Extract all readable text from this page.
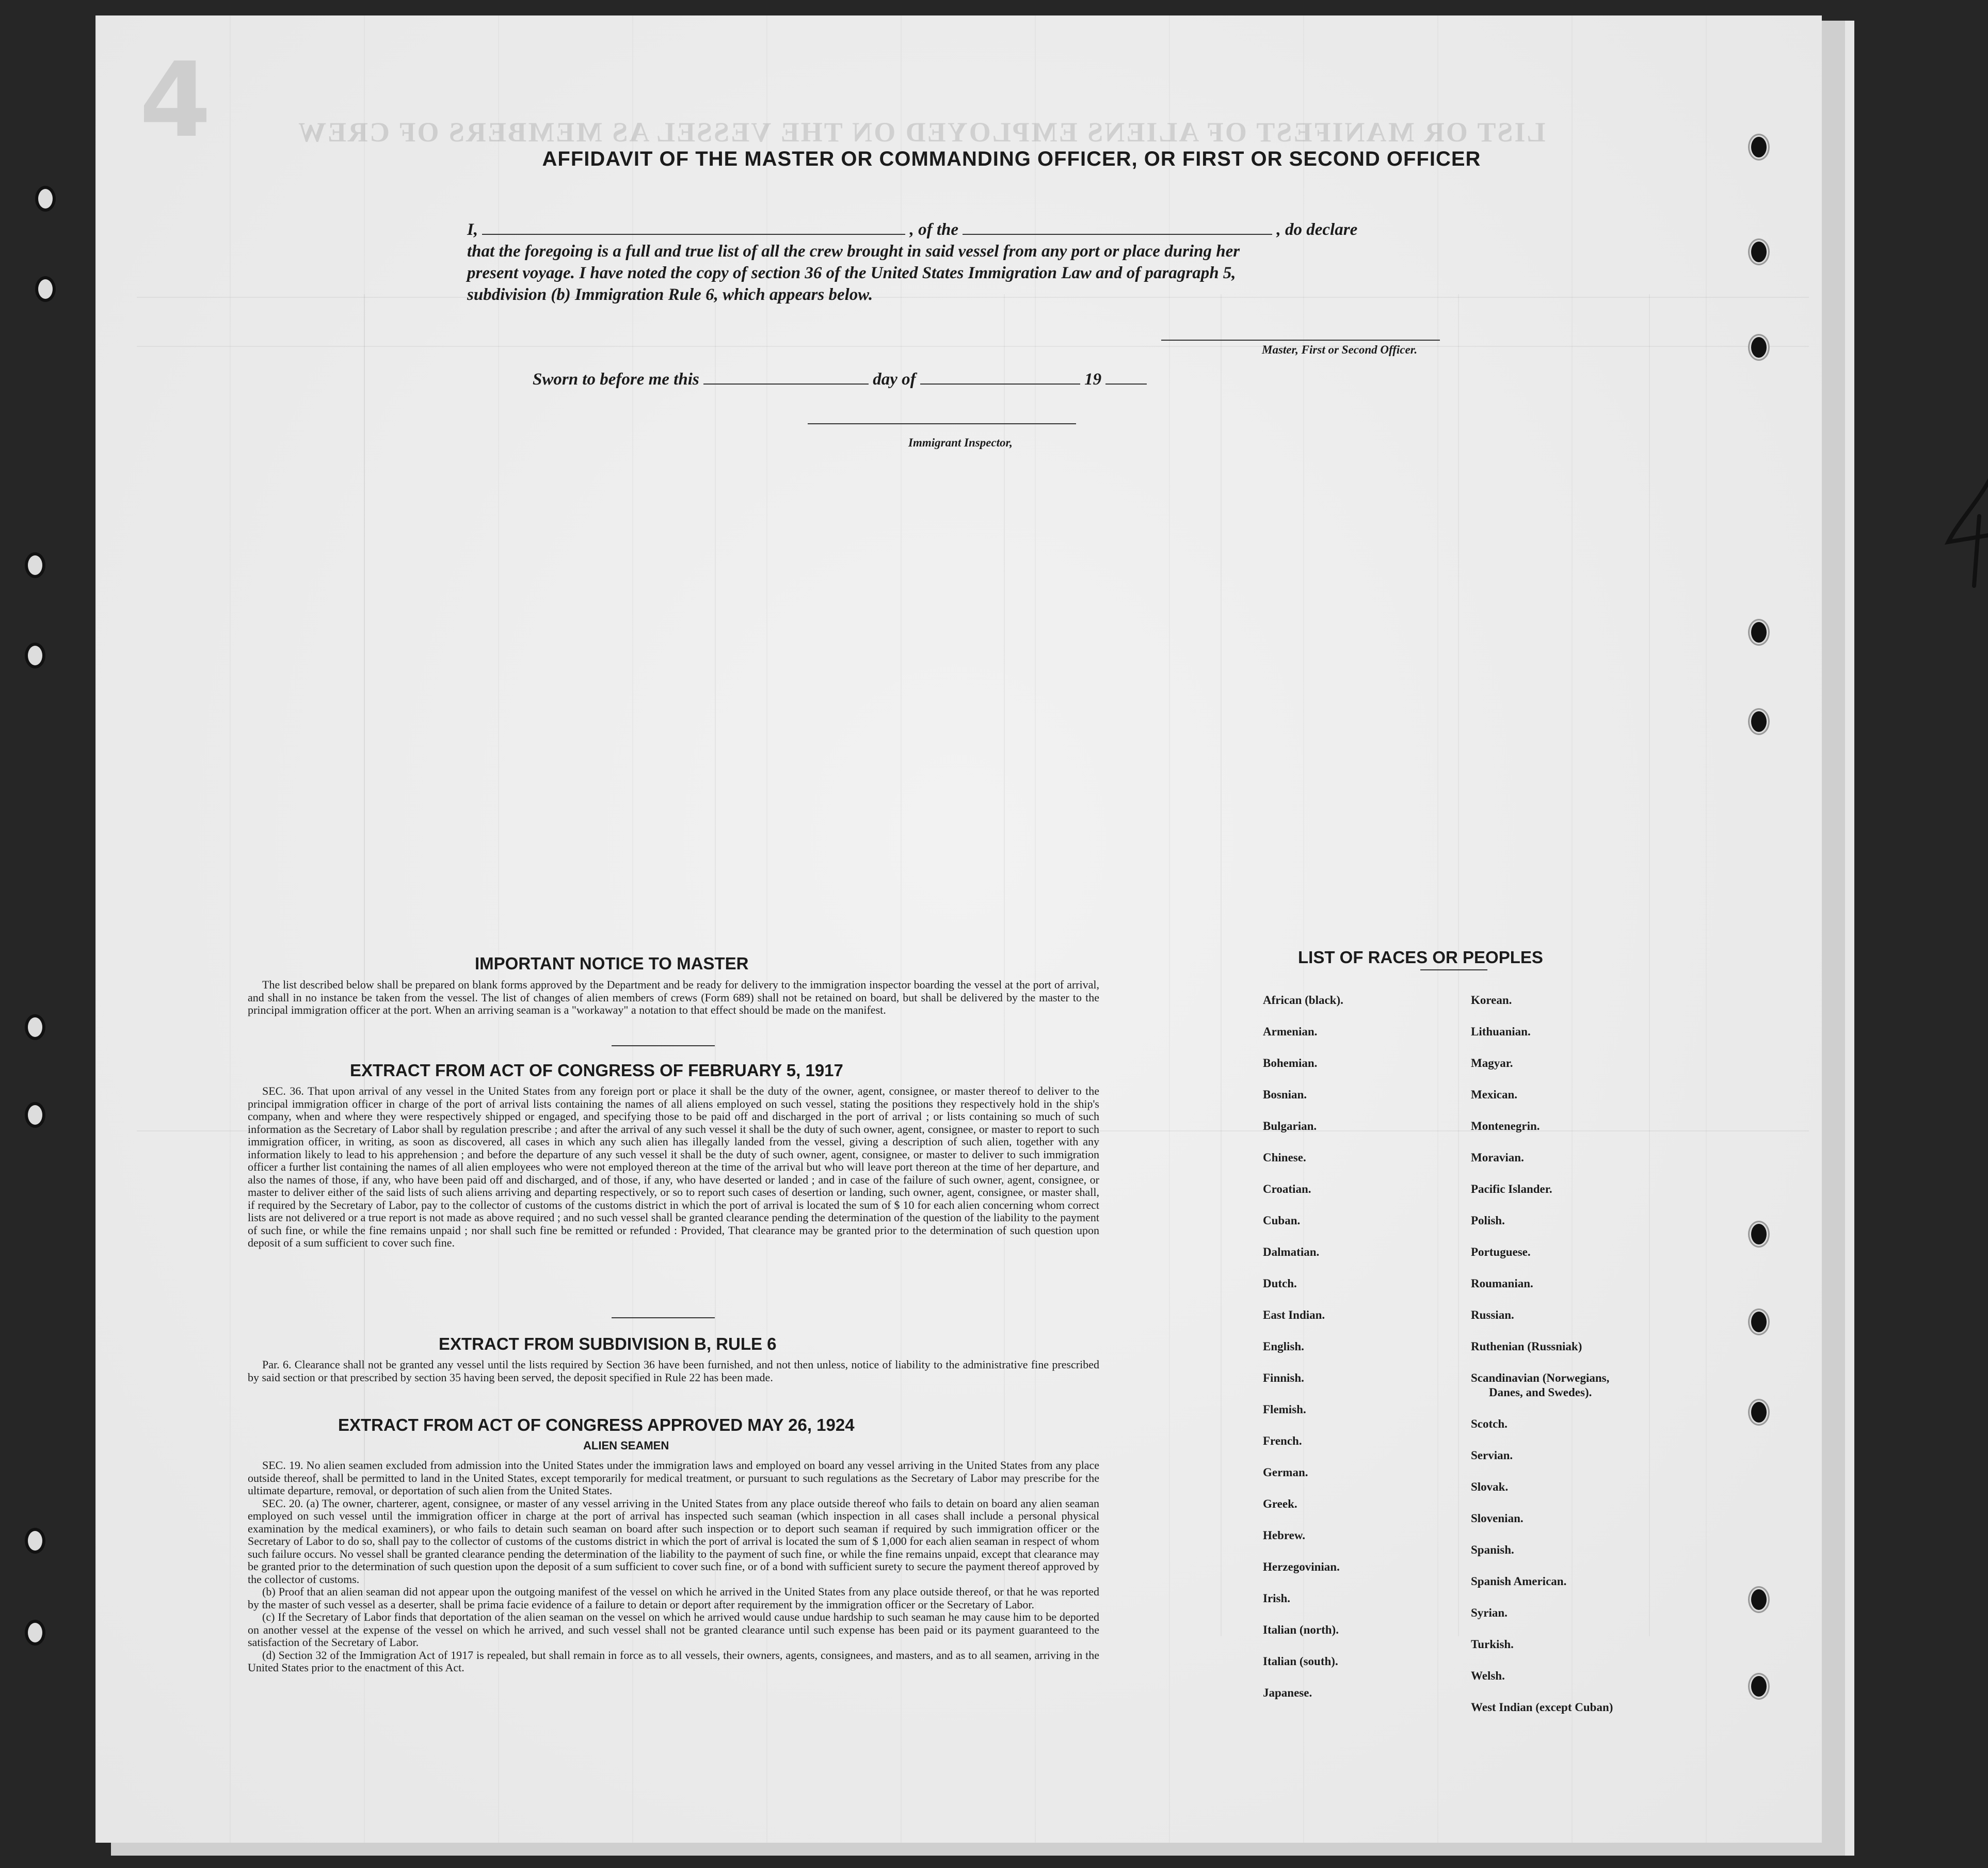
4	LIST OR MANIFEST OF ALIENS EMPLOYED ON THE VESSEL AS MEMBERS OF CREW
AFFIDAVIT OF THE MASTER OR COMMANDING OFFICER, OR FIRST OR SECOND OFFICER
I,	, of the	, do declare
that the foregoing is a full and true list of all the crew brought in said vessel from any port or place during her
present voyage. I have noted the copy of section 36 of the United States Immigration Law and of paragraph 5,
subdivision (b) Immigration Rule 6, which appears below.
Master, First or Second Officer.
Sworn to before me this	day of	19
Immigrant Inspector,
IMPORTANT NOTICE TO MASTER

The list described below shall be prepared on blank forms approved by the Department and be ready for delivery to the immigration inspector boarding the vessel at the port of arrival, and shall in no instance be taken from the vessel. The list of changes of alien members of crews (Form 689) shall not be retained on board, but shall be delivered by the master to the principal immigration officer at the port. When an arriving seaman is a "workaway" a notation to that effect should be made on the manifest.

EXTRACT FROM ACT OF CONGRESS OF FEBRUARY 5, 1917

SEC. 36. That upon arrival of any vessel in the United States from any foreign port or place it shall be the duty of the owner, agent, consignee, or master thereof to deliver to the principal immigration officer in charge of the port of arrival lists containing the names of all aliens employed on such vessel, stating the positions they respectively hold in the ship's company, when and where they were respectively shipped or engaged, and specifying those to be paid off and discharged in the port of arrival ; or lists containing so much of such information as the Secretary of Labor shall by regulation prescribe ; and after the arrival of any such vessel it shall be the duty of such owner, agent, consignee, or master to report to such immigration officer, in writing, as soon as discovered, all cases in which any such alien has illegally landed from the vessel, giving a description of such alien, together with any information likely to lead to his apprehension ; and before the departure of any such vessel it shall be the duty of such owner, agent, consignee, or master to deliver to such immigration officer a further list containing the names of all alien employees who were not employed thereon at the time of the arrival but who will leave port thereon at the time of her departure, and also the names of those, if any, who have been paid off and discharged, and of those, if any, who have deserted or landed ; and in case of the failure of such owner, agent, consignee, or master to deliver either of the said lists of such aliens arriving and departing respectively, or so to report such cases of desertion or landing, such owner, agent, consignee, or master shall, if required by the Secretary of Labor, pay to the collector of customs of the customs district in which the port of arrival is located the sum of $ 10 for each alien concerning whom correct lists are not delivered or a true report is not made as above required ; and no such vessel shall be granted clearance pending the determination of the question of the liability to the payment of such fine, or while the fine remains unpaid ; nor shall such fine be remitted or refunded : Provided, That clearance may be granted prior to the determination of such question upon deposit of a sum sufficient to cover such fine.

EXTRACT FROM SUBDIVISION B, RULE 6

Par. 6. Clearance shall not be granted any vessel until the lists required by Section 36 have been furnished, and not then unless, notice of liability to the administrative fine prescribed by said section or that prescribed by section 35 having been served, the deposit specified in Rule 22 has been made.

EXTRACT FROM ACT OF CONGRESS APPROVED MAY 26, 1924
ALIEN SEAMEN

SEC. 19. No alien seamen excluded from admission into the United States under the immigration laws and employed on board any vessel arriving in the United States from any place outside thereof, shall be permitted to land in the United States, except temporarily for medical treatment, or pursuant to such regulations as the Secretary of Labor may prescribe for the ultimate departure, removal, or deportation of such alien from the United States.

SEC. 20. (a) The owner, charterer, agent, consignee, or master of any vessel arriving in the United States from any place outside thereof who fails to detain on board any alien seaman employed on such vessel until the immigration officer in charge at the port of arrival has inspected such seaman (which inspection in all cases shall include a personal physical examination by the medical examiners), or who fails to detain such seaman on board after such inspection or to deport such seaman if required by such immigration officer or the Secretary of Labor to do so, shall pay to the collector of customs of the customs district in which the port of arrival is located the sum of $ 1,000 for each alien seaman in respect of whom such failure occurs. No vessel shall be granted clearance pending the determination of the liability to the payment of such fine, or while the fine remains unpaid, except that clearance may be granted prior to the determination of such question upon the deposit of a sum sufficient to cover such fine, or of a bond with sufficient surety to secure the payment thereof approved by the collector of customs.

(b) Proof that an alien seaman did not appear upon the outgoing manifest of the vessel on which he arrived in the United States from any place outside thereof, or that he was reported by the master of such vessel as a deserter, shall be prima facie evidence of a failure to detain or deport after requirement by the immigration officer or the Secretary of Labor.

(c) If the Secretary of Labor finds that deportation of the alien seaman on the vessel on which he arrived would cause undue hardship to such seaman he may cause him to be deported on another vessel at the expense of the vessel on which he arrived, and such vessel shall not be granted clearance until such expense has been paid or its payment guaranteed to the satisfaction of the Secretary of Labor.

(d) Section 32 of the Immigration Act of 1917 is repealed, but shall remain in force as to all vessels, their owners, agents, consignees, and masters, and as to all seamen, arriving in the United States prior to the enactment of this Act.

LIST OF RACES OR PEOPLES
African (black).
Armenian.
Bohemian.
Bosnian.
Bulgarian.
Chinese.
Croatian.
Cuban.
Dalmatian.
Dutch.
East Indian.
English.
Finnish.
Flemish.
French.
German.
Greek.
Hebrew.
Herzegovinian.
Irish.
Italian (north).
Italian (south).
Japanese.
Korean.
Lithuanian.
Magyar.
Mexican.
Montenegrin.
Moravian.
Pacific Islander.
Polish.
Portuguese.
Roumanian.
Russian.
Ruthenian (Russniak)
Scandinavian (Norwegians,
Danes, and Swedes).
Scotch.
Servian.
Slovak.
Slovenian.
Spanish.
Spanish American.
Syrian.
Turkish.
Welsh.
West Indian (except Cuban)
